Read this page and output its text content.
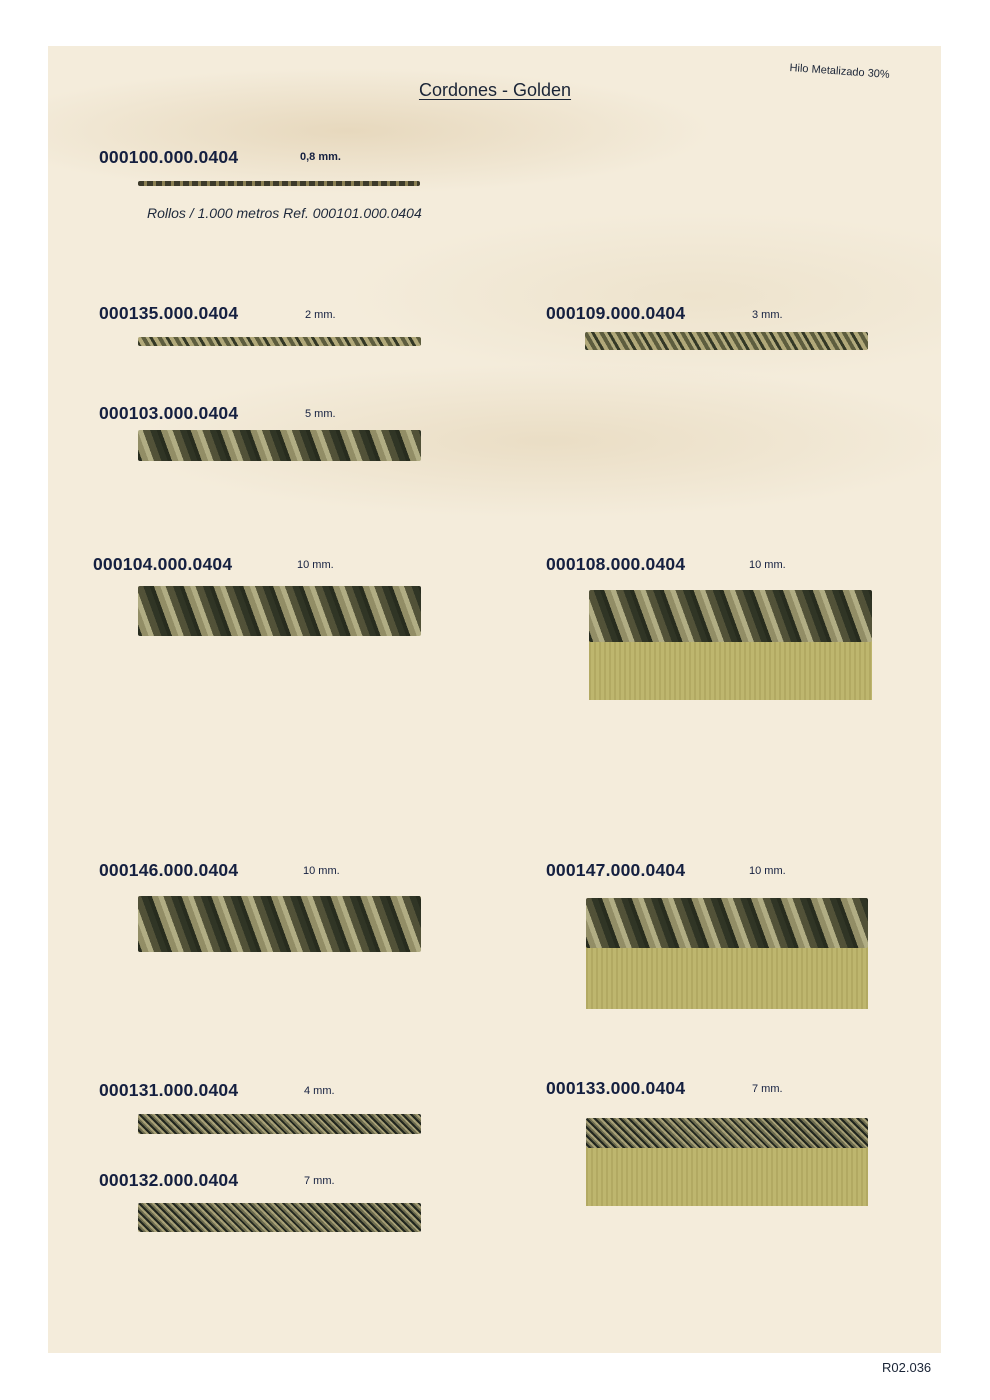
Hilo Metalizado 30%
Cordones - Golden
000100.000.0404	0,8 mm.
Rollos / 1.000 metros Ref. 000101.000.0404
000135.000.0404	2 mm.	000109.000.0404	3 mm.
000103.000.0404	5 mm.
000104.000.0404	10 mm.	000108.000.0404	10 mm.
000146.000.0404	10 mm.	000147.000.0404	10 mm.
000131.000.0404	4 mm.	000133.000.0404	7 mm.
000132.000.0404	7 mm.
R02.036
